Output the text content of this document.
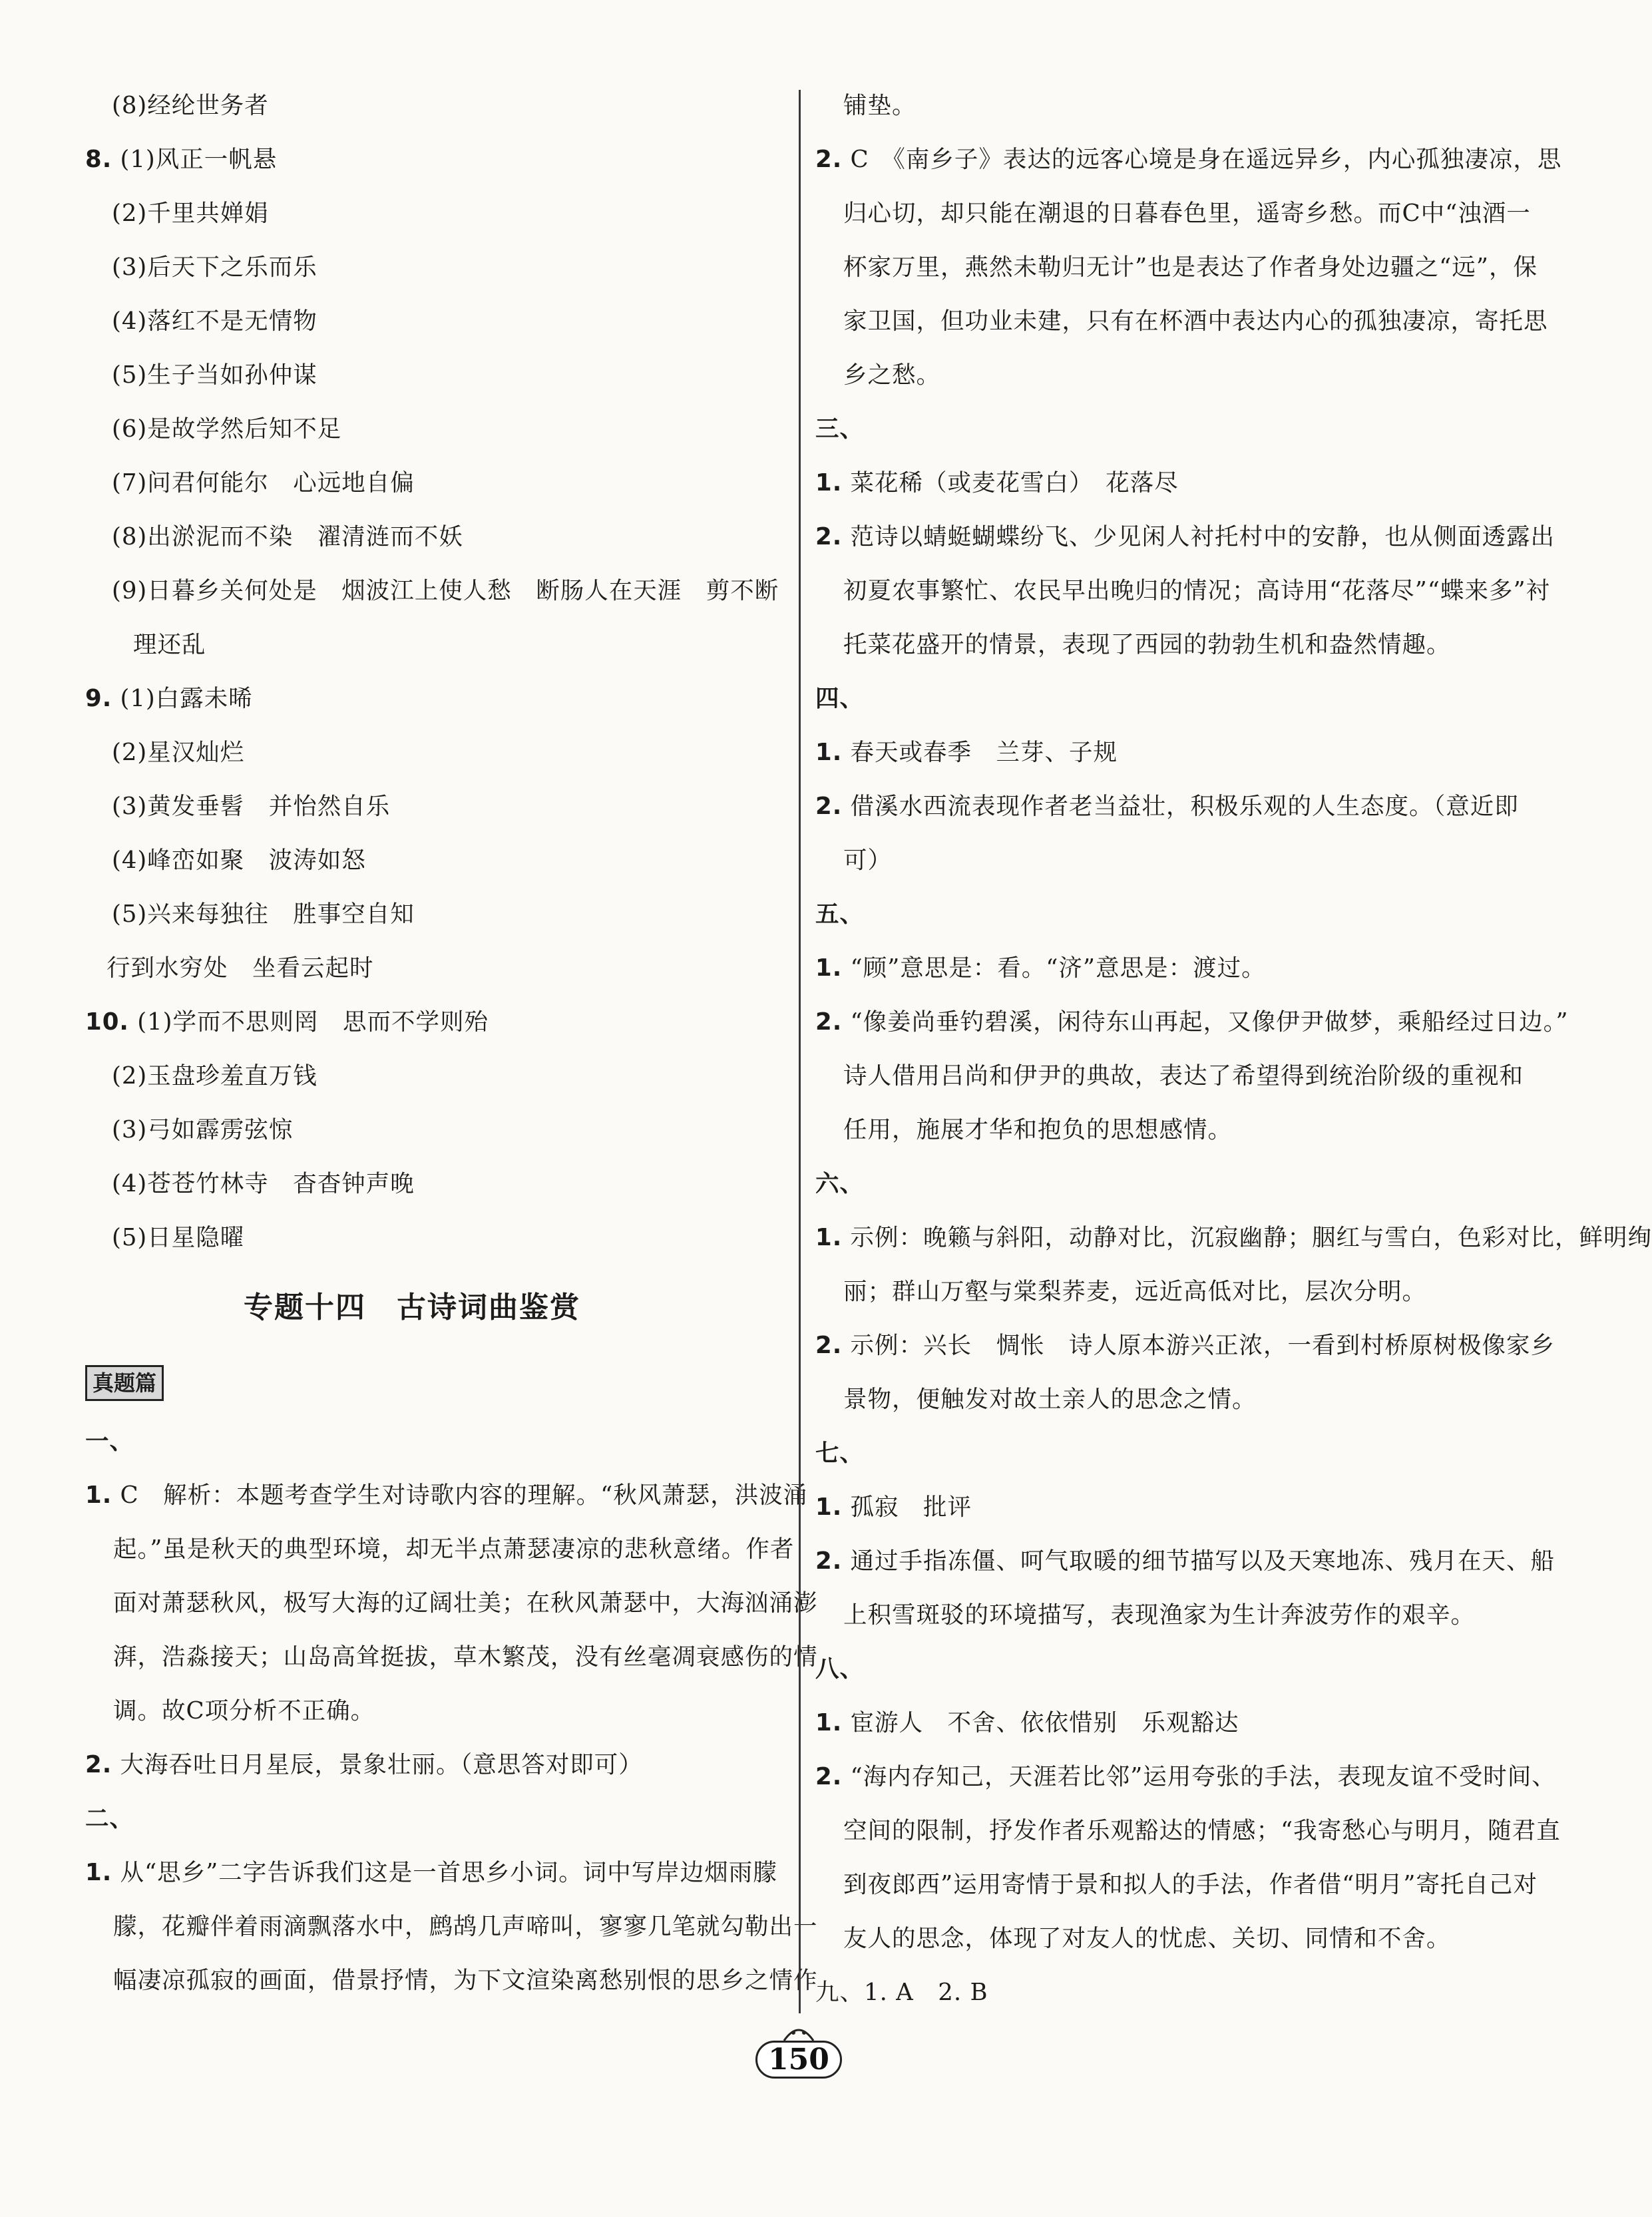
(8)经纶世务者
8. (1)风正一帆悬
(2)千里共婵娟
(3)后天下之乐而乐
(4)落红不是无情物
(5)生子当如孙仲谋
(6)是故学然后知不足
(7)问君何能尔　心远地自偏
(8)出淤泥而不染　濯清涟而不妖
(9)日暮乡关何处是　烟波江上使人愁　断肠人在天涯　剪不断
理还乱
9. (1)白露未晞
(2)星汉灿烂
(3)黄发垂髫　并怡然自乐
(4)峰峦如聚　波涛如怒
(5)兴来每独往　胜事空自知
行到水穷处　坐看云起时
10. (1)学而不思则罔　思而不学则殆
(2)玉盘珍羞直万钱
(3)弓如霹雳弦惊
(4)苍苍竹林寺　杳杳钟声晚
(5)日星隐曜
专题十四　古诗词曲鉴赏
真题篇
一、
1. C　解析：本题考查学生对诗歌内容的理解。“秋风萧瑟，洪波涌
起。”虽是秋天的典型环境，却无半点萧瑟凄凉的悲秋意绪。作者
面对萧瑟秋风，极写大海的辽阔壮美；在秋风萧瑟中，大海汹涌澎
湃，浩淼接天；山岛高耸挺拔，草木繁茂，没有丝毫凋衰感伤的情
调。故C项分析不正确。
2. 大海吞吐日月星辰，景象壮丽。（意思答对即可）
二、
1. 从“思乡”二字告诉我们这是一首思乡小词。词中写岸边烟雨朦
朦，花瓣伴着雨滴飘落水中，鹧鸪几声啼叫，寥寥几笔就勾勒出一
幅凄凉孤寂的画面，借景抒情，为下文渲染离愁别恨的思乡之情作
铺垫。
2. C　《南乡子》表达的远客心境是身在遥远异乡，内心孤独凄凉，思
归心切，却只能在潮退的日暮春色里，遥寄乡愁。而C中“浊酒一
杯家万里，燕然未勒归无计”也是表达了作者身处边疆之“远”，保
家卫国，但功业未建，只有在杯酒中表达内心的孤独凄凉，寄托思
乡之愁。
三、
1. 菜花稀（或麦花雪白）　花落尽
2. 范诗以蜻蜓蝴蝶纷飞、少见闲人衬托村中的安静，也从侧面透露出
初夏农事繁忙、农民早出晚归的情况；高诗用“花落尽”“蝶来多”衬
托菜花盛开的情景，表现了西园的勃勃生机和盎然情趣。
四、
1. 春天或春季　兰芽、子规
2. 借溪水西流表现作者老当益壮，积极乐观的人生态度。（意近即
可）
五、
1. “顾”意思是：看。“济”意思是：渡过。
2. “像姜尚垂钓碧溪，闲待东山再起，又像伊尹做梦，乘船经过日边。”
诗人借用吕尚和伊尹的典故，表达了希望得到统治阶级的重视和
任用，施展才华和抱负的思想感情。
六、
1. 示例：晚籁与斜阳，动静对比，沉寂幽静；胭红与雪白，色彩对比，鲜明绚
丽；群山万壑与棠梨荞麦，远近高低对比，层次分明。
2. 示例：兴长　惆怅　诗人原本游兴正浓，一看到村桥原树极像家乡
景物，便触发对故土亲人的思念之情。
七、
1. 孤寂　批评
2. 通过手指冻僵、呵气取暖的细节描写以及天寒地冻、残月在天、船
上积雪斑驳的环境描写，表现渔家为生计奔波劳作的艰辛。
八、
1. 宦游人　不舍、依依惜别　乐观豁达
2. “海内存知己，天涯若比邻”运用夸张的手法，表现友谊不受时间、
空间的限制，抒发作者乐观豁达的情感；“我寄愁心与明月，随君直
到夜郎西”运用寄情于景和拟人的手法，作者借“明月”寄托自己对
友人的思念，体现了对友人的忧虑、关切、同情和不舍。
九、1. A　2. B
150
